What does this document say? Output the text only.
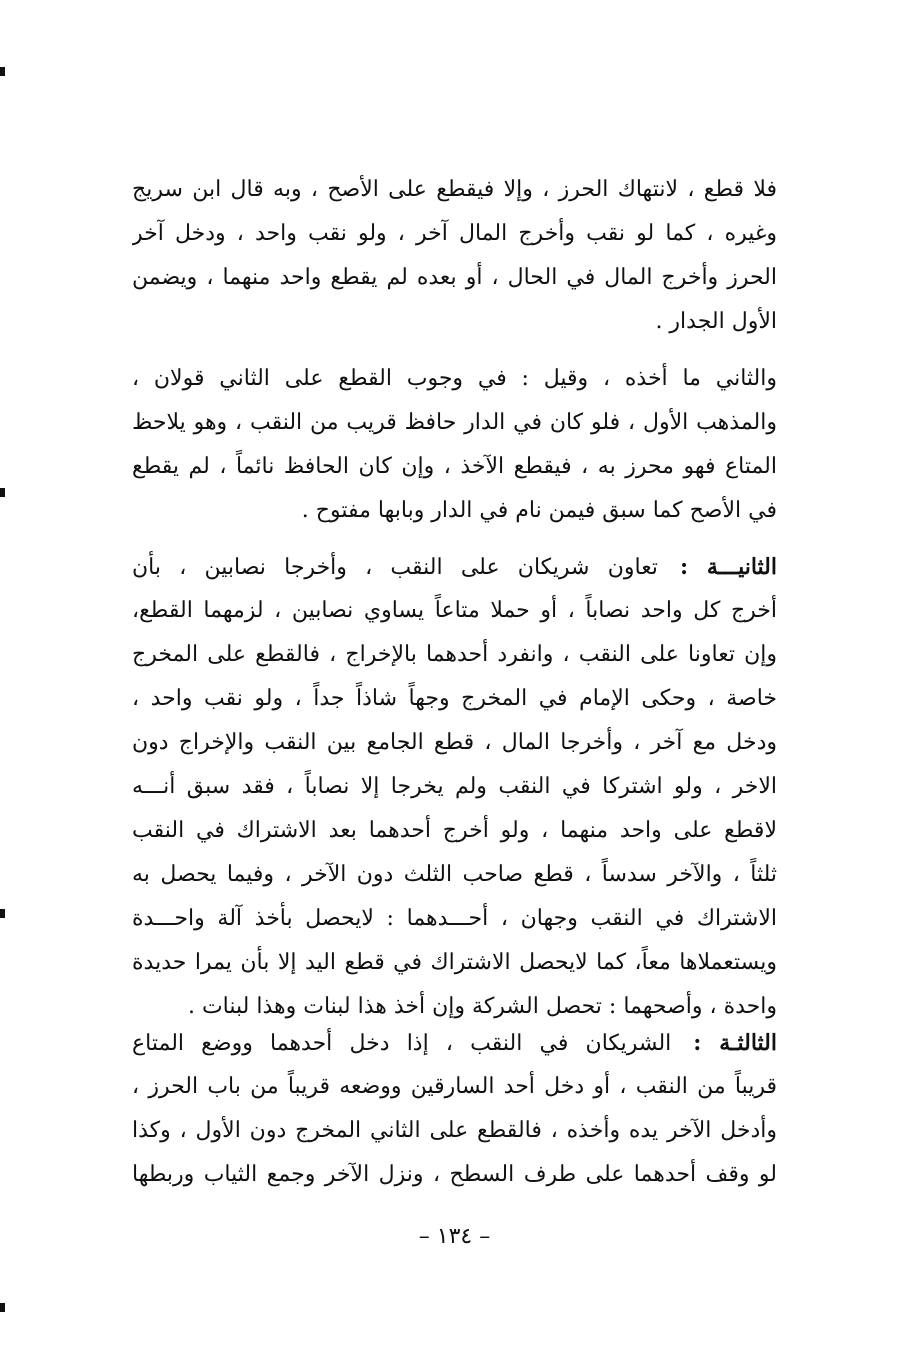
فلا قطع ، لانتهاك الحرز ، وإلا فيقطع على الأصح ، وبه قال ابن سريج
وغيره ، كما لو نقب وأخرج المال آخر ، ولو نقب واحد ، ودخل آخر
الحرز وأخرج المال في الحال ، أو بعده لم يقطع واحد منهما ، ويضمن
الأول الجدار .
والثاني ما أخذه ، وقيل : في وجوب القطع على الثاني قولان ،
والمذهب الأول ، فلو كان في الدار حافظ قريب من النقب ، وهو يلاحظ
المتاع فهو محرز به ، فيقطع الآخذ ، وإن كان الحافظ نائماً ، لم يقطع
في الأصح كما سبق فيمن نام في الدار وبابها مفتوح .
الثانيـــة :تعاون شريكان على النقب ، وأخرجا نصابين ، بأن
أخرج كل واحد نصاباً ، أو حملا متاعاً يساوي نصابين ، لزمهما القطع،
وإن تعاونا على النقب ، وانفرد أحدهما بالإخراج ، فالقطع على المخرج
خاصة ، وحكى الإمام في المخرج وجهاً شاذاً جداً ، ولو نقب واحد ،
ودخل مع آخر ، وأخرجا المال ، قطع الجامع بين النقب والإخراج دون
الاخر ، ولو اشتركا في النقب ولم يخرجا إلا نصاباً ، فقد سبق أنـــه
لاقطع على واحد منهما ، ولو أخرج أحدهما بعد الاشتراك في النقب
ثلثاً ، والآخر سدساً ، قطع صاحب الثلث دون الآخر ، وفيما يحصل به
الاشتراك في النقب وجهان ، أحـــدهما : لايحصل بأخذ آلة واحـــدة
ويستعملاها معاً، كما لايحصل الاشتراك في قطع اليد إلا بأن يمرا حديدة
واحدة ، وأصحهما : تحصل الشركة وإن أخذ هذا لبنات وهذا لبنات .
الثالثـة :الشريكان في النقب ، إذا دخل أحدهما ووضع المتاع
قريباً من النقب ، أو دخل أحد السارقين ووضعه قريباً من باب الحرز ،
وأدخل الآخر يده وأخذه ، فالقطع على الثاني المخرج دون الأول ، وكذا
لو وقف أحدهما على طرف السطح ، ونزل الآخر وجمع الثياب وربطها
– ١٣٤ –
